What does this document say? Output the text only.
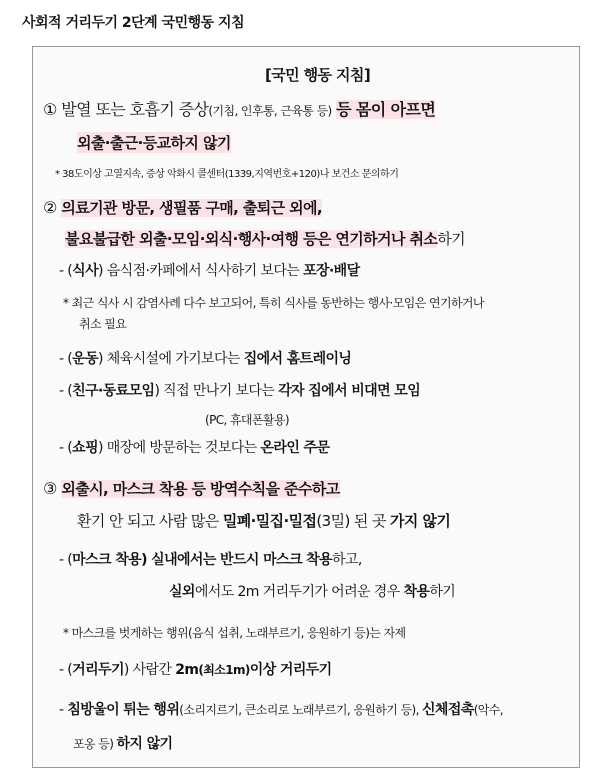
사회적 거리두기 2단계 국민행동 지침
[국민 행동 지침]
① 발열 또는 호흡기 증상(기침, 인후통, 근육통 등) 등 몸이 아프면
외출·출근·등교하지 않기
* 38도이상 고열지속, 증상 악화시 콜센터(1339,지역번호+120)나 보건소 문의하기
② 의료기관 방문, 생필품 구매, 출퇴근 외에,
불요불급한 외출·모임·외식·행사·여행 등은 연기하거나 취소하기
- (식사) 음식점·카페에서 식사하기 보다는 포장·배달
* 최근 식사 시 감염사례 다수 보고되어, 특히 식사를 동반하는 행사·모임은 연기하거나
취소 필요
- (운동) 체육시설에 가기보다는 집에서 홈트레이닝
- (친구·동료모임) 직접 만나기 보다는 각자 집에서 비대면 모임
(PC, 휴대폰활용)
- (쇼핑) 매장에 방문하는 것보다는 온라인 주문
③ 외출시, 마스크 착용 등 방역수칙을 준수하고
환기 안 되고 사람 많은 밀폐·밀집·밀접(3밀) 된 곳 가지 않기
- (마스크 착용) 실내에서는 반드시 마스크 착용하고,
실외에서도 2m 거리두기가 어려운 경우 착용하기
* 마스크를 벗게하는 행위(음식 섭취, 노래부르기, 응원하기 등)는 자제
- (거리두기) 사람간 2m(최소1m)이상 거리두기
- 침방울이 튀는 행위(소리지르기, 큰소리로 노래부르기, 응원하기 등), 신체접촉(악수,
포옹 등) 하지 않기
